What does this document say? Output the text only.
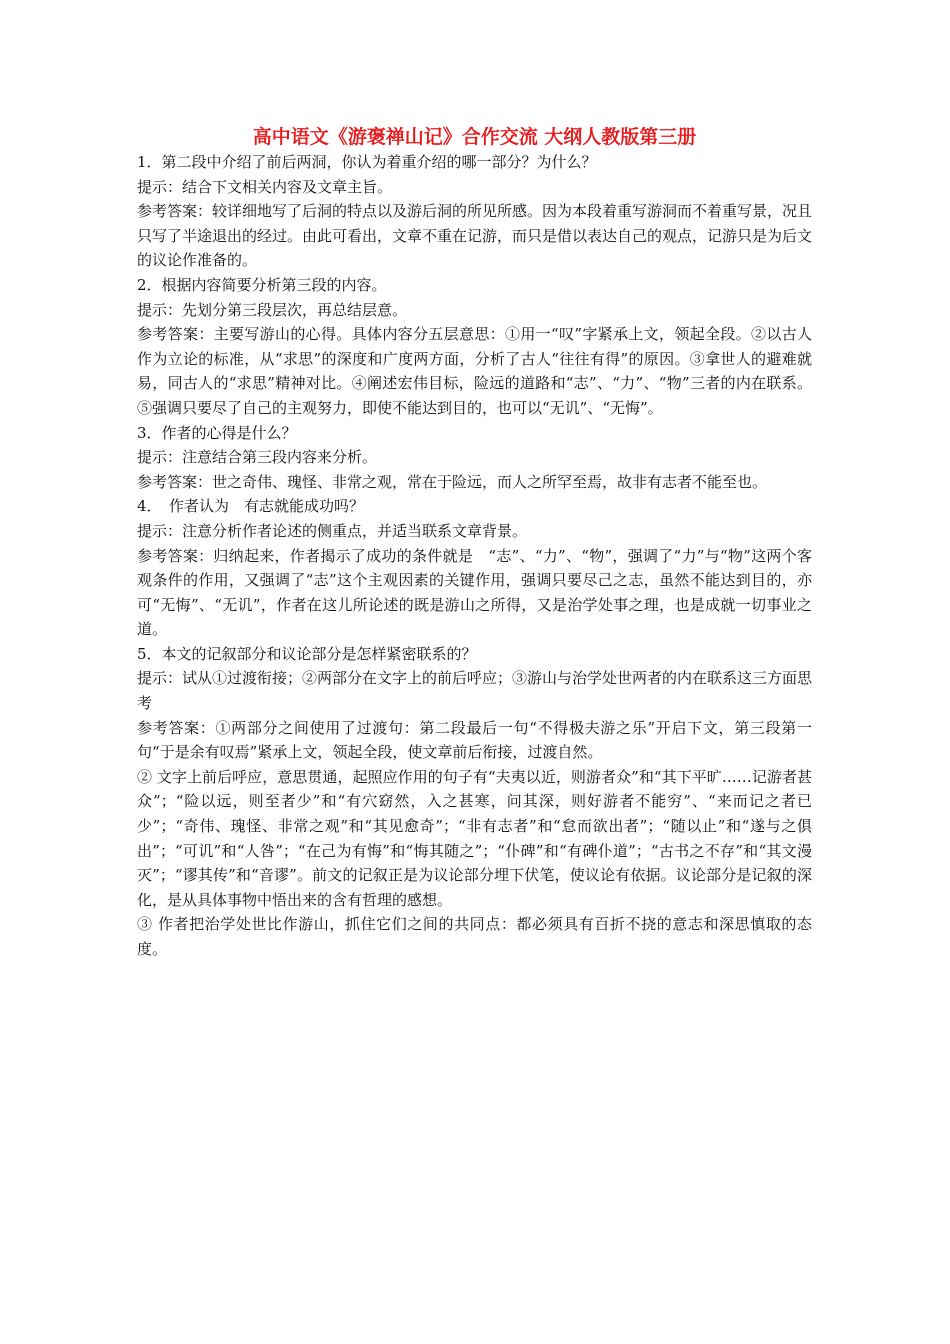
高中语文《游褒禅山记》合作交流 大纲人教版第三册

1．第二段中介绍了前后两洞，你认为着重介绍的哪一部分？为什么？

提示：结合下文相关内容及文章主旨。

参考答案：较详细地写了后洞的特点以及游后洞的所见所感。因为本段着重写游洞而不着重写景，况且只写了半途退出的经过。由此可看出，文章不重在记游，而只是借以表达自己的观点，记游只是为后文的议论作准备的。

2．根据内容简要分析第三段的内容。

提示：先划分第三段层次，再总结层意。

参考答案：主要写游山的心得。具体内容分五层意思：①用一“叹”字紧承上文，领起全段。②以古人作为立论的标准，从“求思”的深度和广度两方面，分析了古人“往往有得”的原因。③拿世人的避难就易，同古人的“求思”精神对比。④阐述宏伟目标，险远的道路和“志”、“力”、“物”三者的内在联系。⑤强调只要尽了自己的主观努力，即使不能达到目的，也可以“无讥”、“无悔”。

3．作者的心得是什么？

提示：注意结合第三段内容来分析。

参考答案：世之奇伟、瑰怪、非常之观，常在于险远，而人之所罕至焉，故非有志者不能至也。

4．　作者认为　有志就能成功吗？

提示：注意分析作者论述的侧重点，并适当联系文章背景。

参考答案：归纳起来，作者揭示了成功的条件就是　“志”、“力”、“物”，强调了“力”与“物”这两个客观条件的作用，又强调了“志”这个主观因素的关键作用，强调只要尽己之志，虽然不能达到目的，亦可“无悔”、“无讥”，作者在这儿所论述的既是游山之所得，又是治学处事之理，也是成就一切事业之道。

5．本文的记叙部分和议论部分是怎样紧密联系的？

提示：试从①过渡衔接；②两部分在文字上的前后呼应；③游山与治学处世两者的内在联系这三方面思考

参考答案：①两部分之间使用了过渡句：第二段最后一句“不得极夫游之乐”开启下文，第三段第一句“于是余有叹焉”紧承上文，领起全段，使文章前后衔接，过渡自然。

② 文字上前后呼应，意思贯通，起照应作用的句子有“夫夷以近，则游者众”和“其下平旷……记游者甚众”；“险以远，则至者少”和“有穴窈然，入之甚寒，问其深，则好游者不能穷”、“来而记之者已少”；“奇伟、瑰怪、非常之观”和“其见愈奇”；“非有志者”和“怠而欲出者”；“随以止”和“遂与之俱出”；“可讥”和“人咎”；“在己为有悔”和“悔其随之”；“仆碑”和“有碑仆道”；“古书之不存”和“其文漫灭”；“谬其传”和“音谬”。前文的记叙正是为议论部分埋下伏笔，使议论有依据。议论部分是记叙的深化，是从具体事物中悟出来的含有哲理的感想。

③ 作者把治学处世比作游山，抓住它们之间的共同点：都必须具有百折不挠的意志和深思慎取的态度。
